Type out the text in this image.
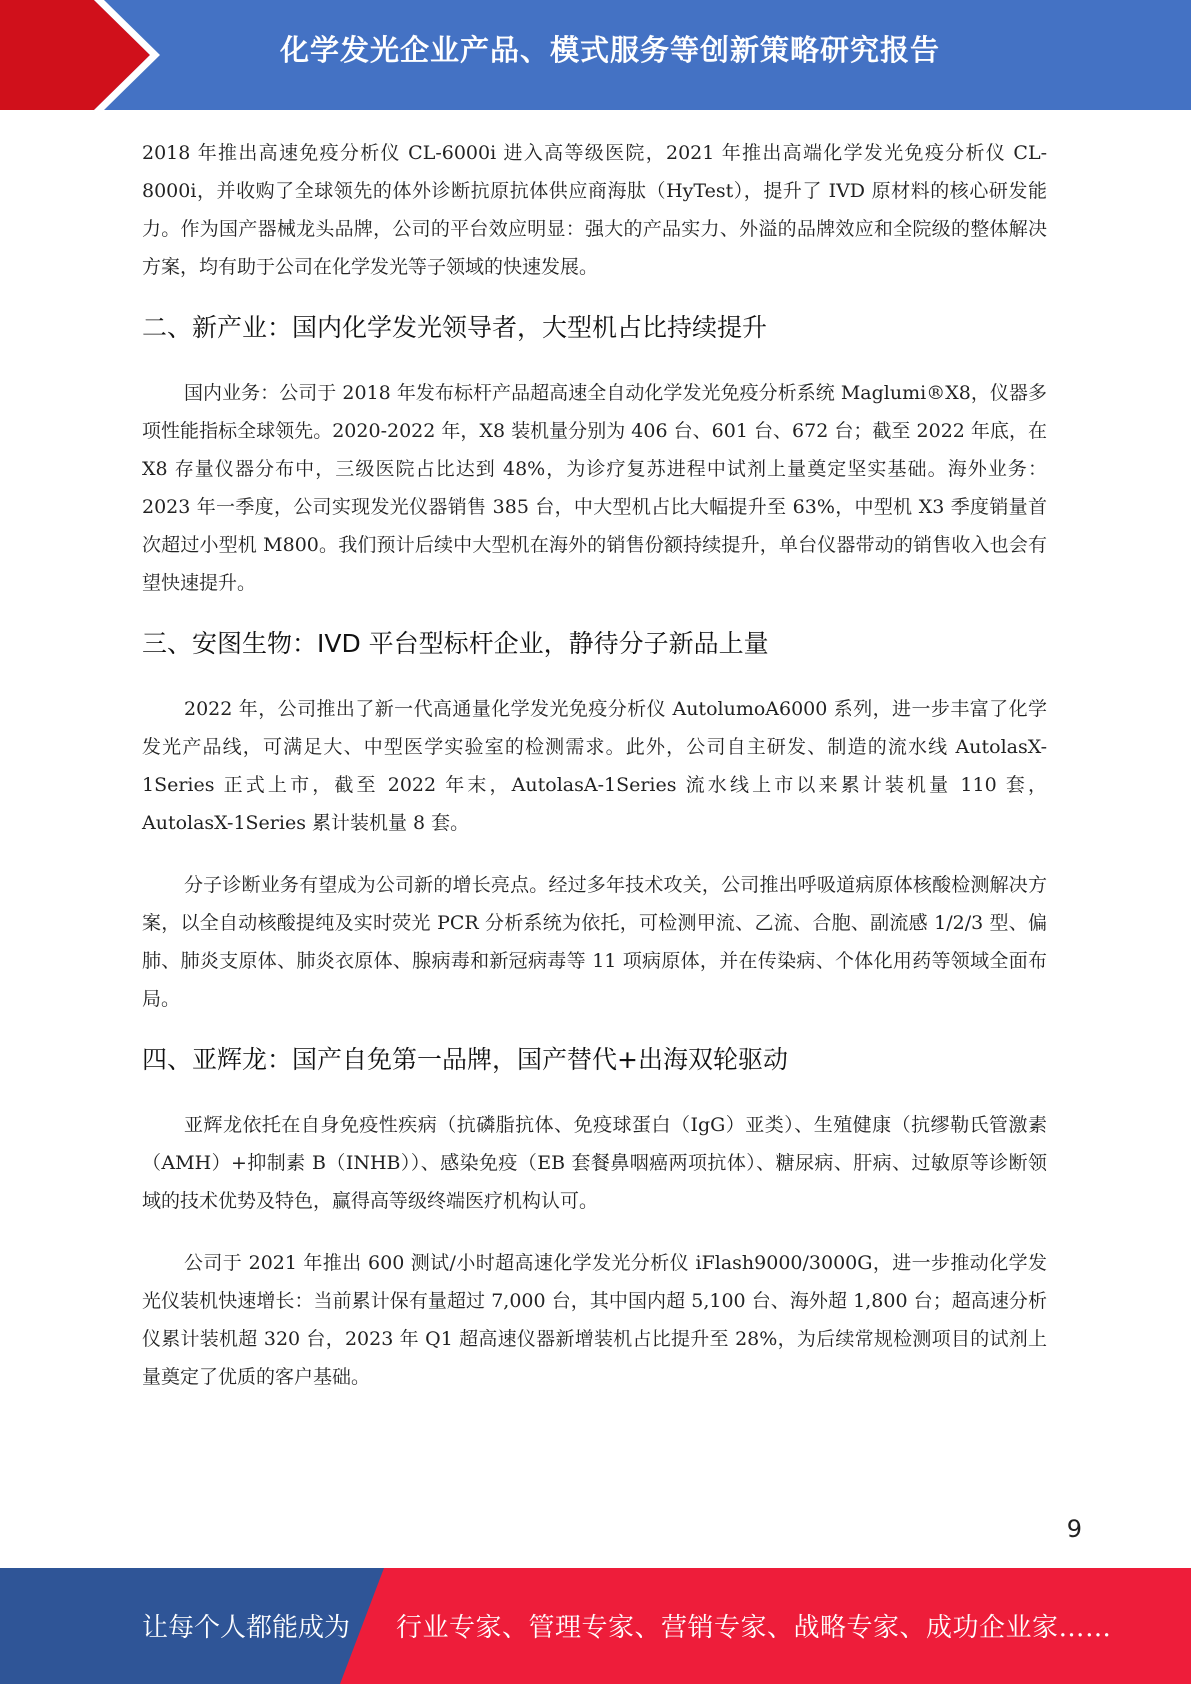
化学发光企业产品、模式服务等创新策略研究报告

2018 年推出高速免疫分析仪 CL-6000i 进入高等级医院，2021 年推出高端化学发光免疫分析仪 CL-8000i，并收购了全球领先的体外诊断抗原抗体供应商海肽（HyTest），提升了 IVD 原材料的核心研发能力。作为国产器械龙头品牌，公司的平台效应明显：强大的产品实力、外溢的品牌效应和全院级的整体解决方案，均有助于公司在化学发光等子领域的快速发展。

二、新产业：国内化学发光领导者，大型机占比持续提升

国内业务：公司于 2018 年发布标杆产品超高速全自动化学发光免疫分析系统 Maglumi®X8，仪器多项性能指标全球领先。2020-2022 年，X8 装机量分别为 406 台、601 台、672 台；截至 2022 年底，在 X8 存量仪器分布中，三级医院占比达到 48%，为诊疗复苏进程中试剂上量奠定坚实基础。海外业务：2023 年一季度，公司实现发光仪器销售 385 台，中大型机占比大幅提升至 63%，中型机 X3 季度销量首次超过小型机 M800。我们预计后续中大型机在海外的销售份额持续提升，单台仪器带动的销售收入也会有望快速提升。

三、安图生物：IVD 平台型标杆企业，静待分子新品上量

2022 年，公司推出了新一代高通量化学发光免疫分析仪 AutolumoA6000 系列，进一步丰富了化学发光产品线，可满足大、中型医学实验室的检测需求。此外，公司自主研发、制造的流水线 AutolasX-1Series 正式上市，截至 2022 年末，AutolasA-1Series 流水线上市以来累计装机量 110 套，AutolasX-1Series 累计装机量 8 套。

分子诊断业务有望成为公司新的增长亮点。经过多年技术攻关，公司推出呼吸道病原体核酸检测解决方案，以全自动核酸提纯及实时荧光 PCR 分析系统为依托，可检测甲流、乙流、合胞、副流感 1/2/3 型、偏肺、肺炎支原体、肺炎衣原体、腺病毒和新冠病毒等 11 项病原体，并在传染病、个体化用药等领域全面布局。

四、亚辉龙：国产自免第一品牌，国产替代+出海双轮驱动

亚辉龙依托在自身免疫性疾病（抗磷脂抗体、免疫球蛋白（IgG）亚类）、生殖健康（抗缪勒氏管激素（AMH）+抑制素 B（INHB））、感染免疫（EB 套餐鼻咽癌两项抗体）、糖尿病、肝病、过敏原等诊断领域的技术优势及特色，赢得高等级终端医疗机构认可。

公司于 2021 年推出 600 测试/小时超高速化学发光分析仪 iFlash9000/3000G，进一步推动化学发光仪装机快速增长：当前累计保有量超过 7,000 台，其中国内超 5,100 台、海外超 1,800 台；超高速分析仪累计装机超 320 台，2023 年 Q1 超高速仪器新增装机占比提升至 28%，为后续常规检测项目的试剂上量奠定了优质的客户基础。

9
让每个人都能成为 行业专家、管理专家、营销专家、战略专家、成功企业家……
